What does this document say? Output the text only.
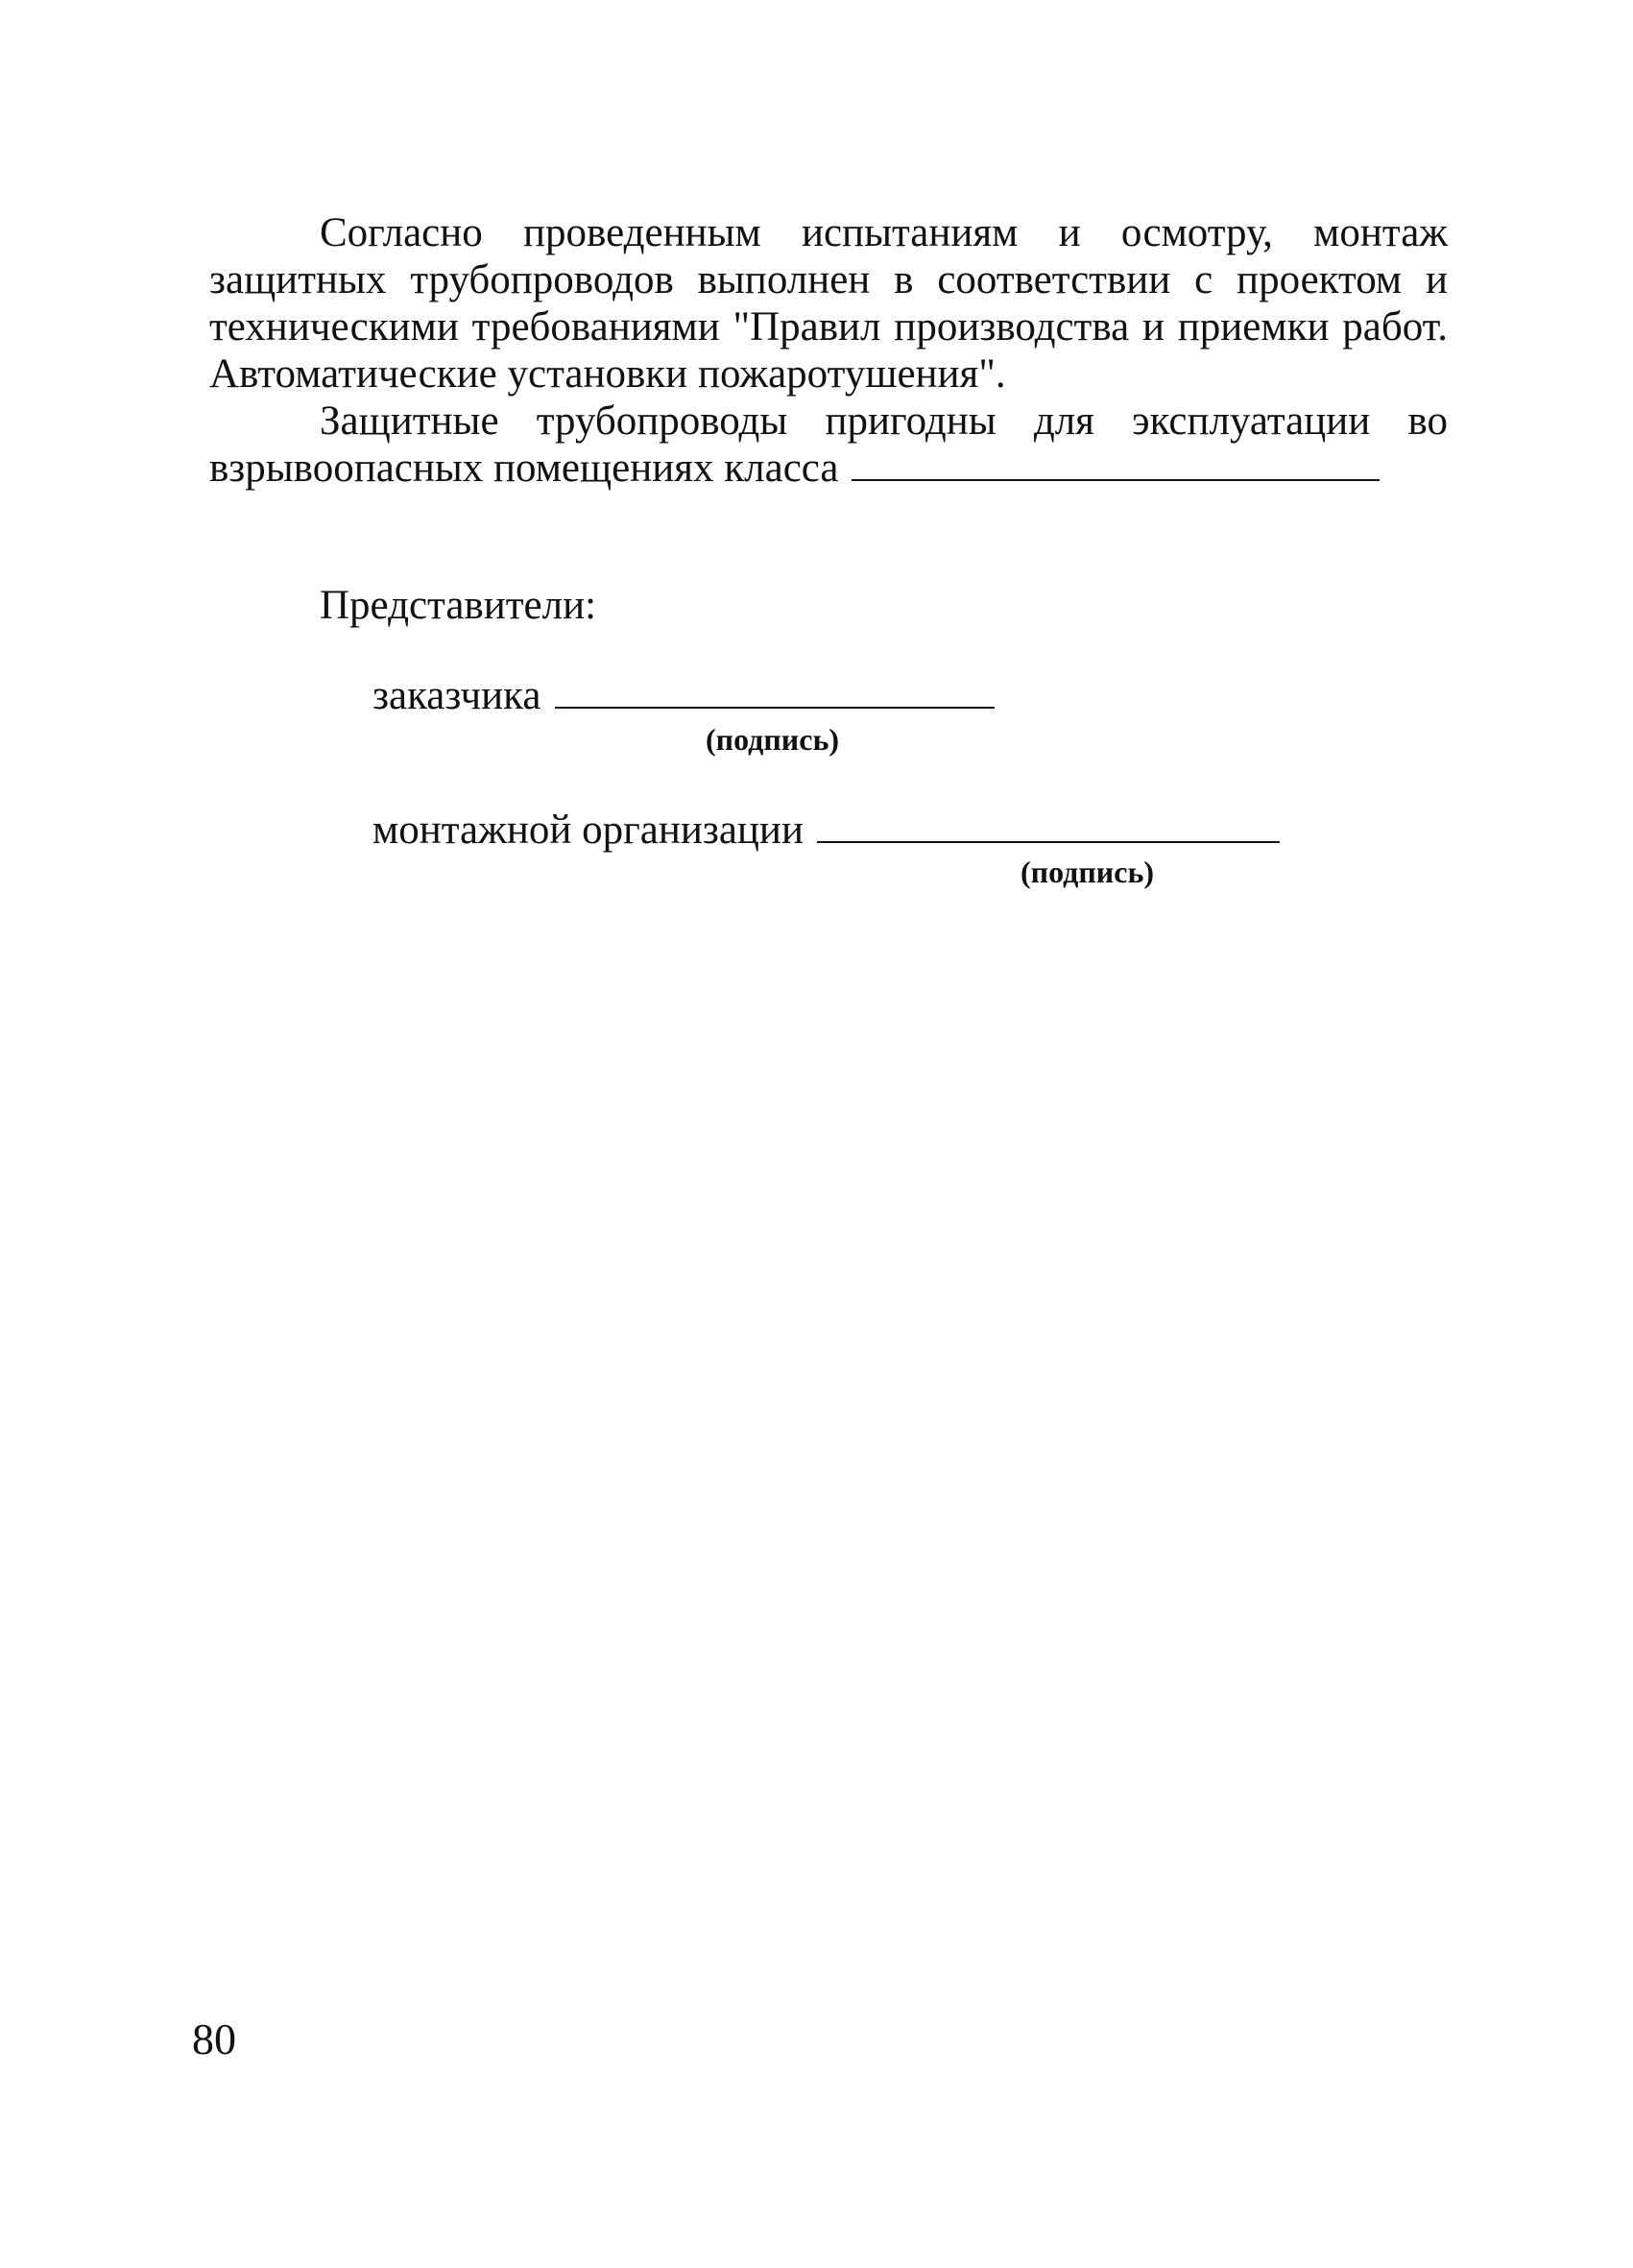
Согласно проведенным испытаниям и осмотру, монтаж защитных трубопроводов выполнен в соответствии с проектом и техническими требованиями "Правил производства и приемки работ. Автоматические установки пожаротушения".

Защитные трубопроводы пригодны для эксплуатации во взрывоопасных помещениях класса

Представители:

заказчика
(подпись)
монтажной организации
(подпись)
80
